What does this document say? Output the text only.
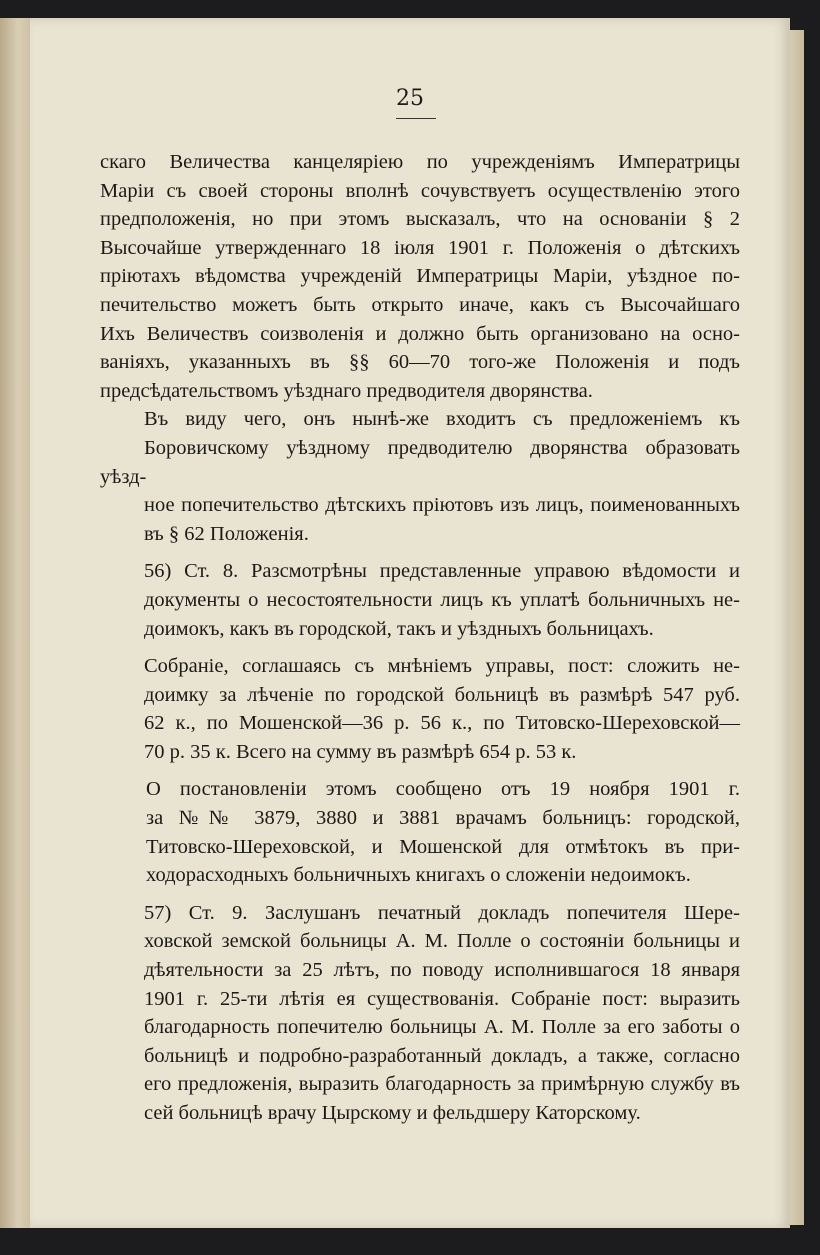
25

скаго Величества канцеляріею по учрежденіямъ Императрицы
Маріи съ своей стороны вполнѣ сочувствуетъ осуществленію этого
предположенія, но при этомъ высказалъ, что на основаніи § 2
Высочайше утвержденнаго 18 іюля 1901 г. Положенія о дѣтскихъ
пріютахъ вѣдомства учрежденій Императрицы Маріи, уѣздное по-
печительство можетъ быть открыто иначе, какъ съ Высочайшаго
Ихъ Величествъ соизволенія и должно быть организовано на осно-
ваніяхъ, указанныхъ въ §§ 60—70 того-же Положенія и подъ
предсѣдательствомъ уѣзднаго предводителя дворянства.

Въ виду чего, онъ нынѣ-же входитъ съ предложеніемъ къ
Боровичскому уѣздному предводителю дворянства образовать уѣзд-
ное попечительство дѣтскихъ пріютовъ изъ лицъ, поименованныхъ
въ § 62 Положенія.

56) Ст. 8. Разсмотрѣны представленные управою вѣдомости и
документы о несостоятельности лицъ къ уплатѣ больничныхъ не-
доимокъ, какъ въ городской, такъ и уѣздныхъ больницахъ.

Собраніе, соглашаясь съ мнѣніемъ управы, пост: сложить не-
доимку за лѣченіе по городской больницѣ въ размѣрѣ 547 руб.
62 к., по Мошенской—36 р. 56 к., по Титовско-Шереховской—
70 р. 35 к. Всего на сумму въ размѣрѣ 654 р. 53 к.

О постановленіи этомъ сообщено отъ 19 ноября 1901 г.
за №№ 3879, 3880 и 3881 врачамъ больницъ: городской,
Титовско-Шереховской, и Мошенской для отмѣтокъ въ при-
ходорасходныхъ больничныхъ книгахъ о сложеніи недоимокъ.

57) Ст. 9. Заслушанъ печатный докладъ попечителя Шере-
ховской земской больницы А. М. Полле о состояніи больницы и
дѣятельности за 25 лѣтъ, по поводу исполнившагося 18 января
1901 г. 25-ти лѣтія ея существованія. Собраніе пост: выразить
благодарность попечителю больницы А. М. Полле за его заботы о
больницѣ и подробно-разработанный докладъ, а также, согласно
его предложенія, выразить благодарность за примѣрную службу въ
сей больницѣ врачу Цырскому и фельдшеру Каторскому.
